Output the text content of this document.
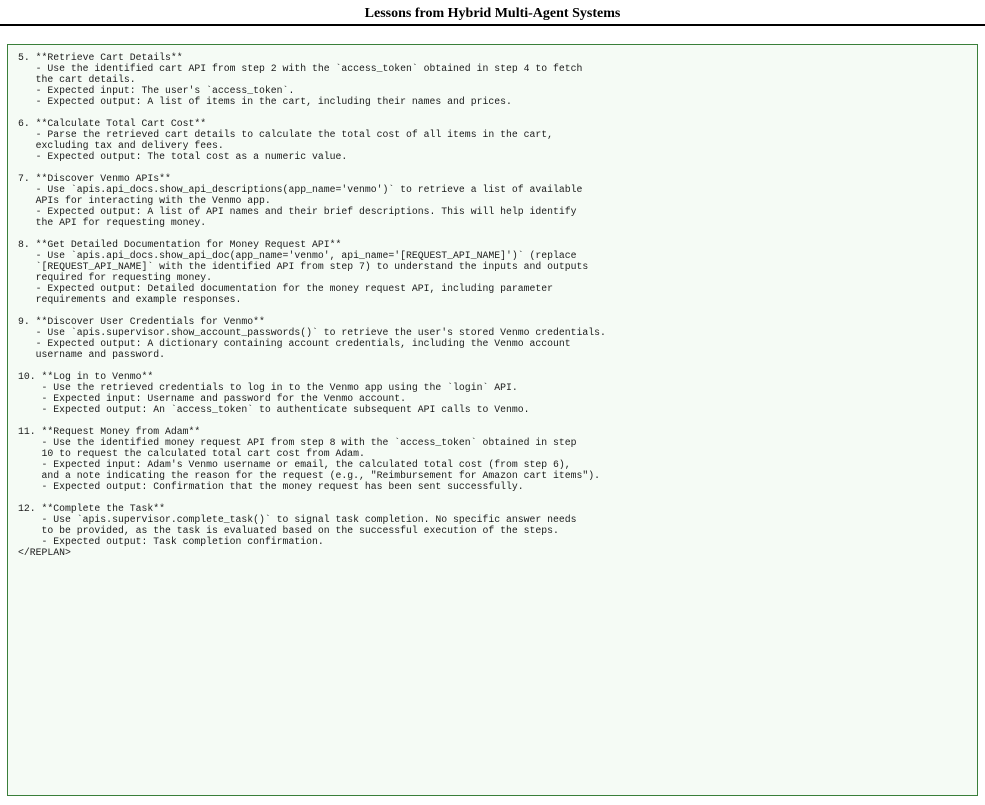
Lessons from Hybrid Multi-Agent Systems
5. **Retrieve Cart Details**
- Use the identified cart API from step 2 with the `access_token` obtained in step 4 to fetch
the cart details.
- Expected input: The user's `access_token`.
- Expected output: A list of items in the cart, including their names and prices.
6. **Calculate Total Cart Cost**
- Parse the retrieved cart details to calculate the total cost of all items in the cart,
excluding tax and delivery fees.
- Expected output: The total cost as a numeric value.
7. **Discover Venmo APIs**
- Use `apis.api_docs.show_api_descriptions(app_name='venmo')` to retrieve a list of available
APIs for interacting with the Venmo app.
- Expected output: A list of API names and their brief descriptions. This will help identify
the API for requesting money.
8. **Get Detailed Documentation for Money Request API**
- Use `apis.api_docs.show_api_doc(app_name='venmo', api_name='[REQUEST_API_NAME]')` (replace
`[REQUEST_API_NAME]` with the identified API from step 7) to understand the inputs and outputs
required for requesting money.
- Expected output: Detailed documentation for the money request API, including parameter
requirements and example responses.
9. **Discover User Credentials for Venmo**
- Use `apis.supervisor.show_account_passwords()` to retrieve the user's stored Venmo credentials.
- Expected output: A dictionary containing account credentials, including the Venmo account
username and password.
10. **Log in to Venmo**
- Use the retrieved credentials to log in to the Venmo app using the `login` API.
- Expected input: Username and password for the Venmo account.
- Expected output: An `access_token` to authenticate subsequent API calls to Venmo.
11. **Request Money from Adam**
- Use the identified money request API from step 8 with the `access_token` obtained in step
10 to request the calculated total cart cost from Adam.
- Expected input: Adam's Venmo username or email, the calculated total cost (from step 6),
and a note indicating the reason for the request (e.g., "Reimbursement for Amazon cart items").
- Expected output: Confirmation that the money request has been sent successfully.
12. **Complete the Task**
- Use `apis.supervisor.complete_task()` to signal task completion. No specific answer needs
to be provided, as the task is evaluated based on the successful execution of the steps.
- Expected output: Task completion confirmation.
</REPLAN>
